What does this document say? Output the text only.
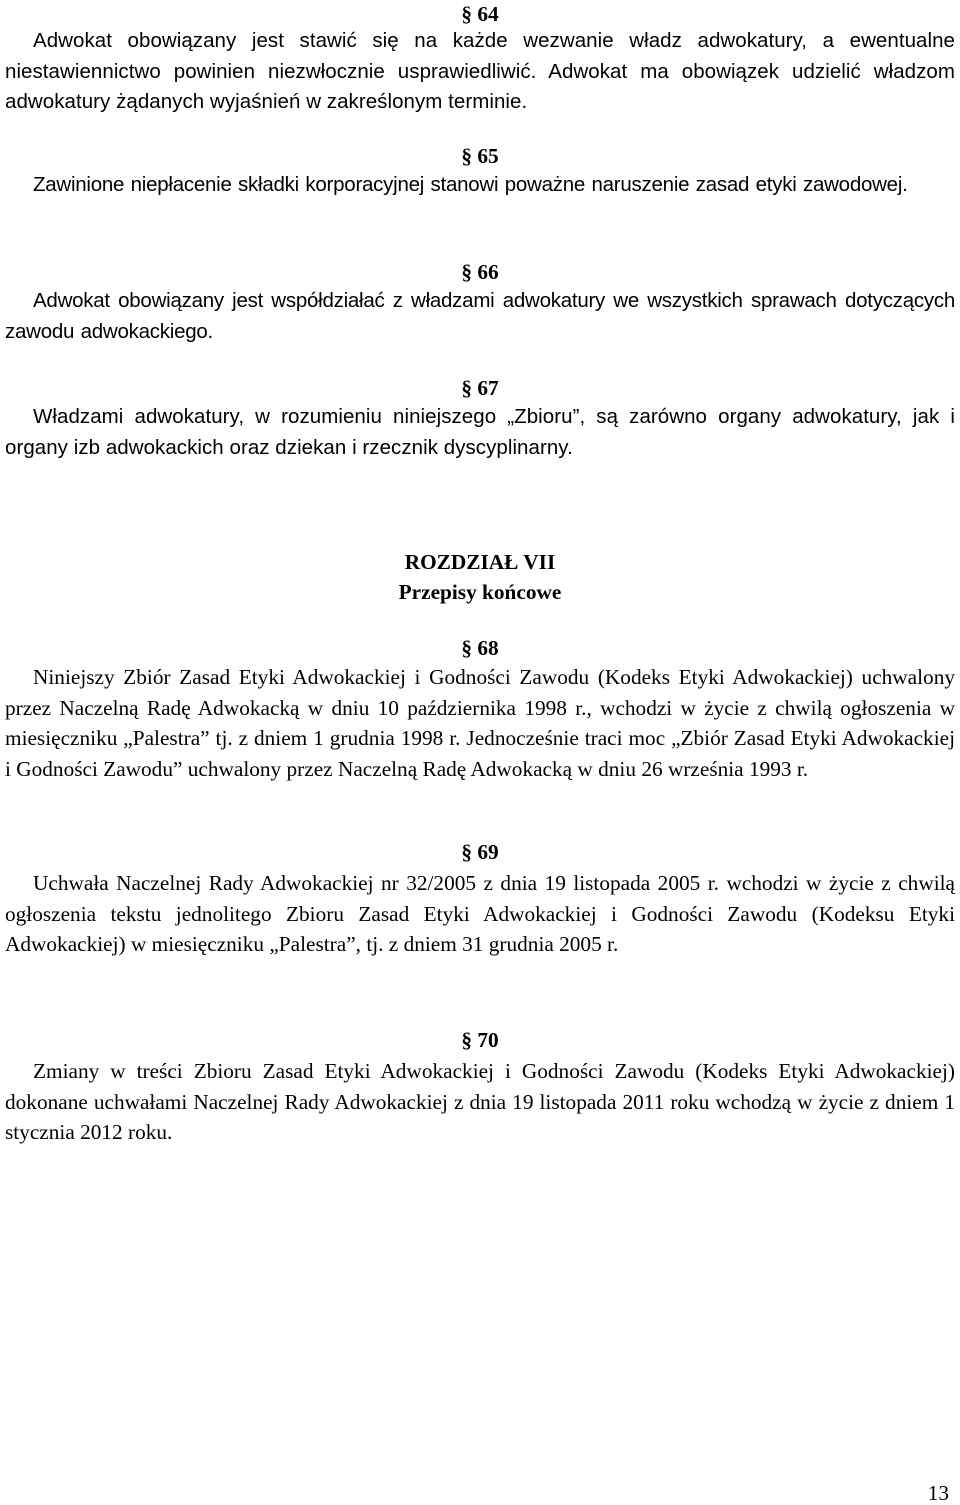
§ 64
Adwokat obowiązany jest stawić się na każde wezwanie władz adwokatury, a ewentualne niestawiennictwo powinien niezwłocznie usprawiedliwić. Adwokat ma obowiązek udzielić władzom adwokatury żądanych wyjaśnień w zakreślonym terminie.
§ 65
Zawinione niepłacenie składki korporacyjnej stanowi poważne naruszenie zasad etyki zawodowej.
§ 66
Adwokat obowiązany jest współdziałać z władzami adwokatury we wszystkich sprawach dotyczących zawodu adwokackiego.
§ 67
Władzami adwokatury, w rozumieniu niniejszego „Zbioru”, są zarówno organy adwokatury, jak i organy izb adwokackich oraz dziekan i rzecznik dyscyplinarny.
ROZDZIAŁ VII
Przepisy końcowe
§ 68
Niniejszy Zbiór Zasad Etyki Adwokackiej i Godności Zawodu (Kodeks Etyki Adwokackiej) uchwalony przez Naczelną Radę Adwokacką w dniu 10 października 1998 r., wchodzi w życie z chwilą ogłoszenia w miesięczniku „Palestra” tj. z dniem 1 grudnia 1998 r. Jednocześnie traci moc „Zbiór Zasad Etyki Adwokackiej i Godności Zawodu” uchwalony przez Naczelną Radę Adwokacką w dniu 26 września 1993 r.
§ 69
Uchwała Naczelnej Rady Adwokackiej nr 32/2005 z dnia 19 listopada 2005 r. wchodzi w życie z chwilą ogłoszenia tekstu jednolitego Zbioru Zasad Etyki Adwokackiej i Godności Zawodu (Kodeksu Etyki Adwokackiej) w miesięczniku „Palestra”, tj. z dniem 31 grudnia 2005 r.
§ 70
Zmiany w treści Zbioru Zasad Etyki Adwokackiej i Godności Zawodu (Kodeks Etyki Adwokackiej) dokonane uchwałami Naczelnej Rady Adwokackiej z dnia 19 listopada 2011 roku wchodzą w życie z dniem 1 stycznia 2012 roku.
13
